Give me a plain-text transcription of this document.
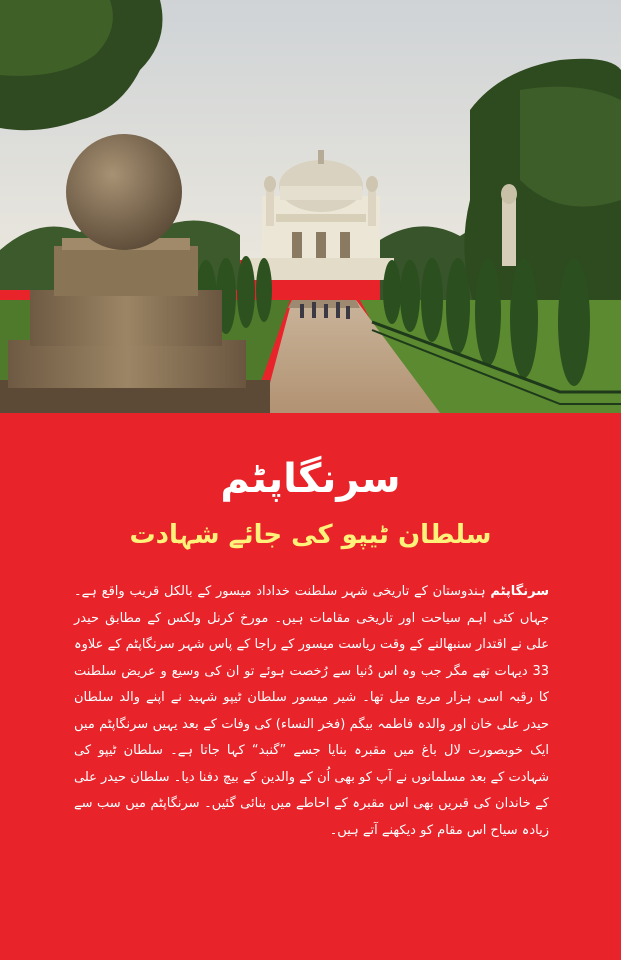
سرنگاپٹم
سلطان ٹیپو کی جائے شہادت
سرنگاپٹم ہندوستان کے تاریخی شہر سلطنت خداداد میسور کے بالکل قریب واقع ہے۔ جہاں کئی اہم سیاحت اور تاریخی مقامات ہیں۔ مورخ کرنل ولکس کے مطابق حیدر علی نے اقتدار سنبھالنے کے وقت ریاست میسور کے راجا کے پاس شہر سرنگاپٹم کے علاوہ 33 دیہات تھے مگر جب وہ اس دُنیا سے رُخصت ہوئے تو ان کی وسیع و عریض سلطنت کا رقبہ اسی ہزار مربع میل تھا۔ شیر میسور سلطان ٹیپو شہید نے اپنے والد سلطان حیدر علی خان اور والدہ فاطمہ بیگم (فخر النساء) کی وفات کے بعد یہیں سرنگاپٹم میں ایک خوبصورت لال باغ میں مقبرہ بنایا جسے ”گنبد“ کہا جاتا ہے۔ سلطان ٹیپو کی شہادت کے بعد مسلمانوں نے آپ کو بھی اُن کے والدین کے بیچ دفنا دیا۔ سلطان حیدر علی کے خاندان کی قبریں بھی اس مقبرہ کے احاطے میں بنائی گئیں۔ سرنگاپٹم میں سب سے زیادہ سیاح اس مقام کو دیکھنے آتے ہیں۔
